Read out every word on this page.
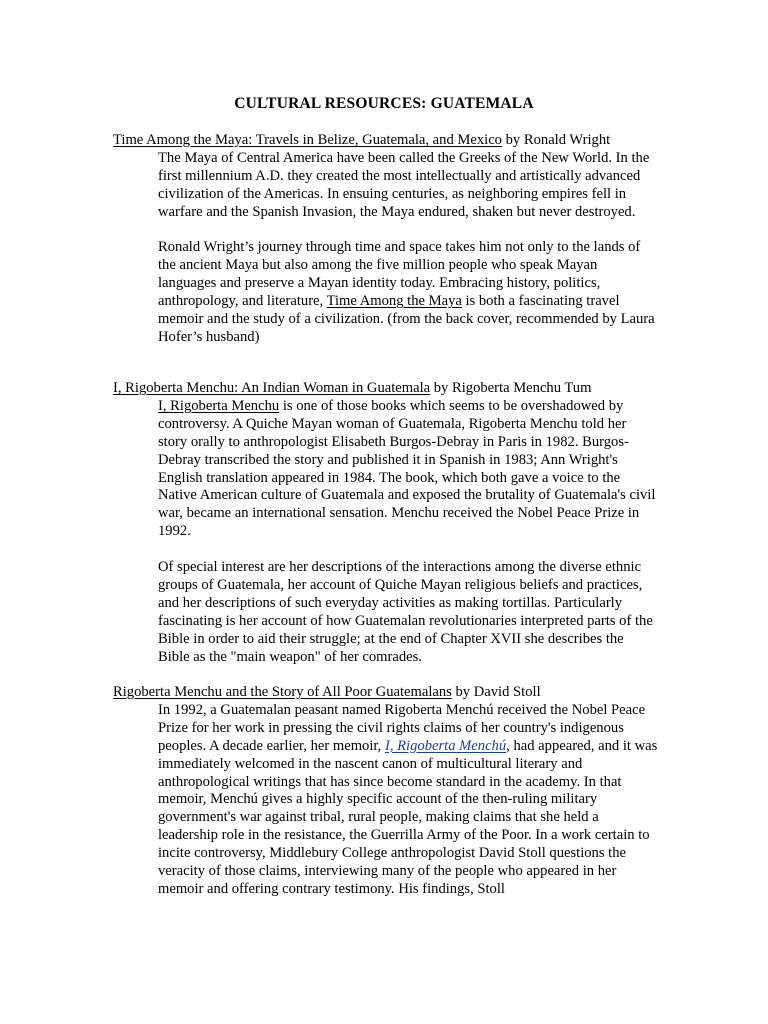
CULTURAL RESOURCES: GUATEMALA
Time Among the Maya: Travels in Belize, Guatemala, and Mexico by Ronald Wright

The Maya of Central America have been called the Greeks of the New World. In the first millennium A.D. they created the most intellectually and artistically advanced civilization of the Americas. In ensuing centuries, as neighboring empires fell in warfare and the Spanish Invasion, the Maya endured, shaken but never destroyed.

Ronald Wright’s journey through time and space takes him not only to the lands of the ancient Maya but also among the five million people who speak Mayan languages and preserve a Mayan identity today. Embracing history, politics, anthropology, and literature, Time Among the Maya is both a fascinating travel memoir and the study of a civilization. (from the back cover, recommended by Laura Hofer’s husband)

I, Rigoberta Menchu: An Indian Woman in Guatemala by Rigoberta Menchu Tum

I, Rigoberta Menchu is one of those books which seems to be overshadowed by controversy. A Quiche Mayan woman of Guatemala, Rigoberta Menchu told her story orally to anthropologist Elisabeth Burgos-Debray in Paris in 1982. Burgos-Debray transcribed the story and published it in Spanish in 1983; Ann Wright's English translation appeared in 1984. The book, which both gave a voice to the Native American culture of Guatemala and exposed the brutality of Guatemala's civil war, became an international sensation. Menchu received the Nobel Peace Prize in 1992.

Of special interest are her descriptions of the interactions among the diverse ethnic groups of Guatemala, her account of Quiche Mayan religious beliefs and practices, and her descriptions of such everyday activities as making tortillas. Particularly fascinating is her account of how Guatemalan revolutionaries interpreted parts of the Bible in order to aid their struggle; at the end of Chapter XVII she describes the Bible as the "main weapon" of her comrades.

Rigoberta Menchu and the Story of All Poor Guatemalans by David Stoll

In 1992, a Guatemalan peasant named Rigoberta Menchú received the Nobel Peace Prize for her work in pressing the civil rights claims of her country's indigenous peoples. A decade earlier, her memoir, I, Rigoberta Menchú, had appeared, and it was immediately welcomed in the nascent canon of multicultural literary and anthropological writings that has since become standard in the academy. In that memoir, Menchú gives a highly specific account of the then-ruling military government's war against tribal, rural people, making claims that she held a leadership role in the resistance, the Guerrilla Army of the Poor. In a work certain to incite controversy, Middlebury College anthropologist David Stoll questions the veracity of those claims, interviewing many of the people who appeared in her memoir and offering contrary testimony. His findings, Stoll
